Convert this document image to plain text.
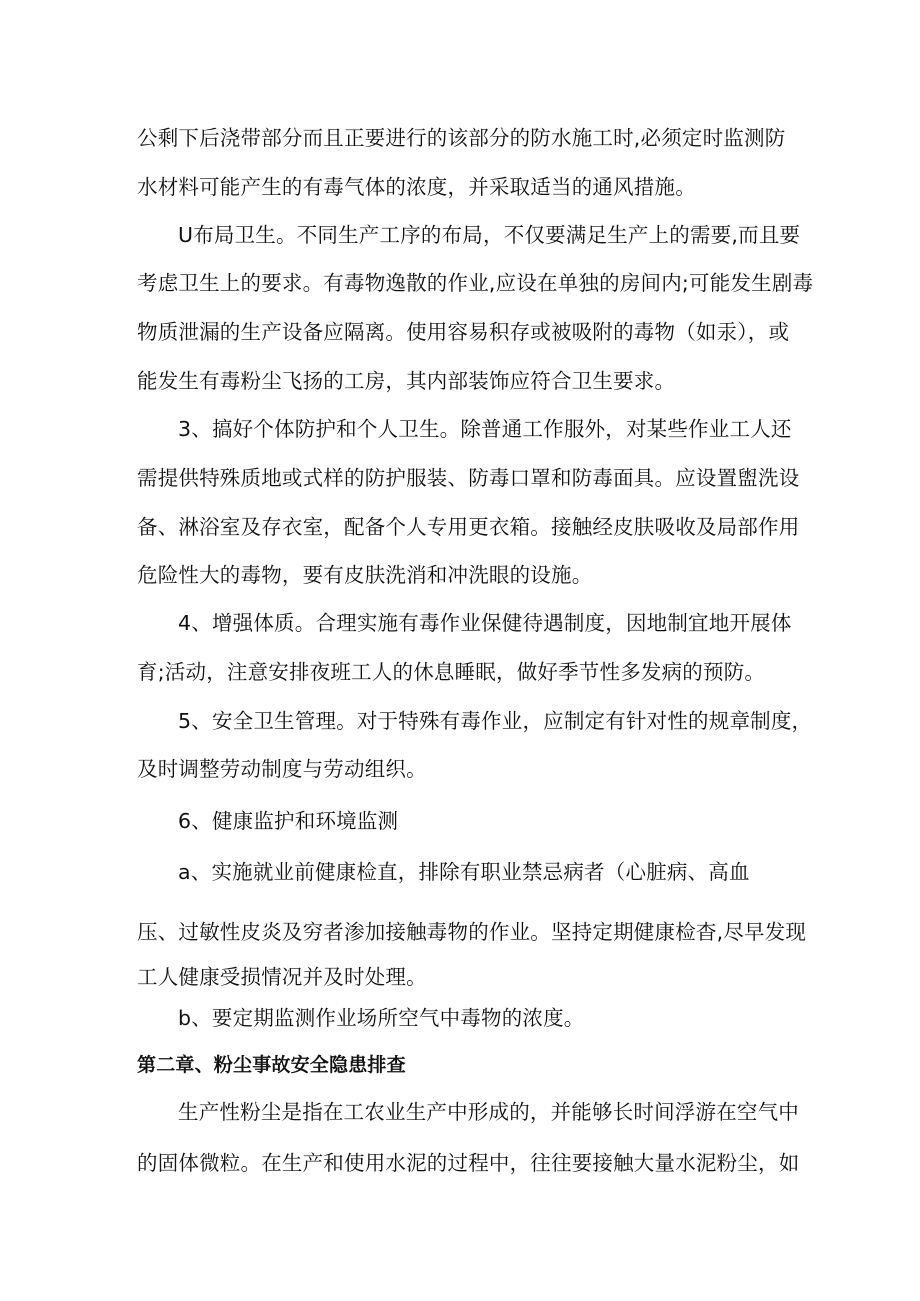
公剩下后浇带部分而且正要进行的该部分的防水施工时,必须定时监测防
水材料可能产生的有毒气体的浓度，并采取适当的通风措施。
U布局卫生。不同生产工序的布局，不仅要满足生产上的需要,而且要
考虑卫生上的要求。有毒物逸散的作业,应设在单独的房间内;可能发生剧毒
物质泄漏的生产设备应隔离。使用容易积存或被吸附的毒物（如汞），或
能发生有毒粉尘飞扬的工房，其内部装饰应符合卫生要求。
3、搞好个体防护和个人卫生。除普通工作服外，对某些作业工人还
需提供特殊质地或式样的防护服装、防毒口罩和防毒面具。应设置盥洗设
备、淋浴室及存衣室，配备个人专用更衣箱。接触经皮肤吸收及局部作用
危险性大的毒物，要有皮肤洗消和冲洗眼的设施。
4、增强体质。合理实施有毒作业保健待遇制度，因地制宜地开展体
育;活动，注意安排夜班工人的休息睡眠，做好季节性多发病的预防。
5、安全卫生管理。对于特殊有毒作业，应制定有针对性的规章制度，
及时调整劳动制度与劳动组织。
6、健康监护和环境监测
a、实施就业前健康检直，排除有职业禁忌病者（心脏病、高血
压、过敏性皮炎及穷者渗加接触毒物的作业。坚持定期健康检杳,尽早发现
工人健康受损情况并及时处理。
b、要定期监测作业场所空气中毒物的浓度。
第二章、粉尘事故安全隐患排查
生产性粉尘是指在工农业生产中形成的，并能够长时间浮游在空气中
的固体微粒。在生产和使用水泥的过程中，往往要接触大量水泥粉尘，如
